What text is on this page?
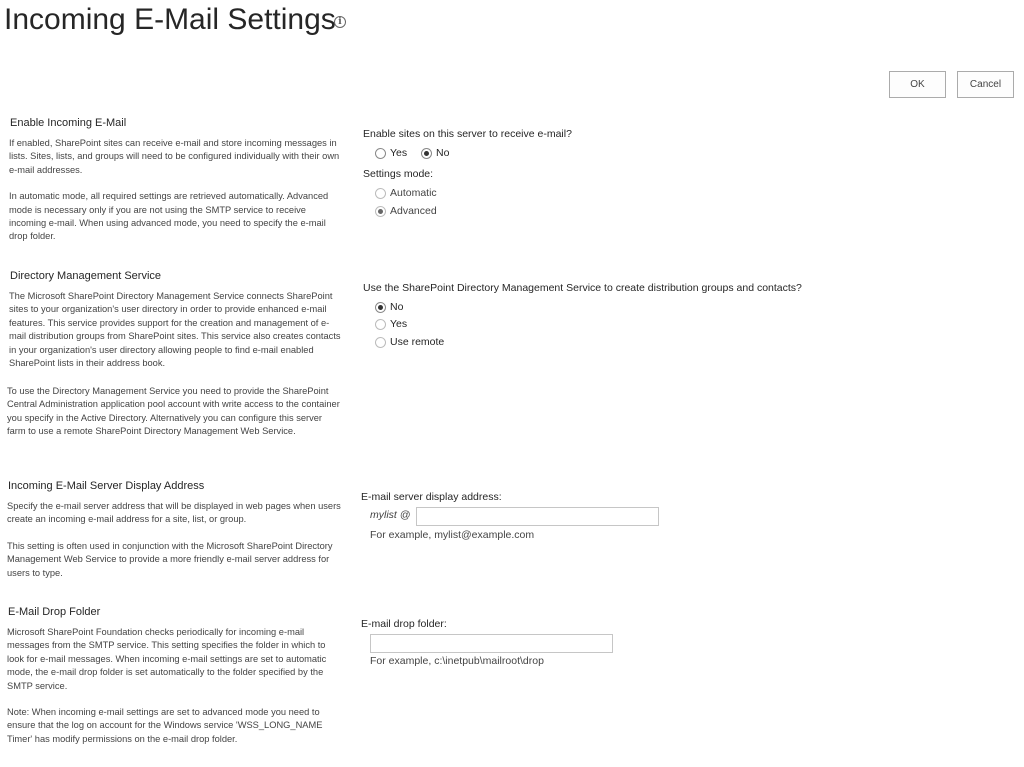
Incoming E-Mail Settings i
OK	Cancel
Enable Incoming E-Mail

If enabled, SharePoint sites can receive e-mail and store incoming messages in lists. Sites, lists, and groups will need to be configured individually with their own e-mail addresses.

In automatic mode, all required settings are retrieved automatically. Advanced mode is necessary only if you are not using the SMTP service to receive incoming e-mail. When using advanced mode, you need to specify the e-mail drop folder.

Enable sites on this server to receive e-mail?
Yes	No
Settings mode:
Automatic
Advanced
Directory Management Service

The Microsoft SharePoint Directory Management Service connects SharePoint sites to your organization's user directory in order to provide enhanced e-mail features. This service provides support for the creation and management of e-mail distribution groups from SharePoint sites. This service also creates contacts in your organization's user directory allowing people to find e-mail enabled SharePoint lists in their address book.

To use the Directory Management Service you need to provide the SharePoint Central Administration application pool account with write access to the container you specify in the Active Directory. Alternatively you can configure this server farm to use a remote SharePoint Directory Management Web Service.

Use the SharePoint Directory Management Service to create distribution groups and contacts?
No
Yes
Use remote
Incoming E-Mail Server Display Address

Specify the e-mail server address that will be displayed in web pages when users create an incoming e-mail address for a site, list, or group.

This setting is often used in conjunction with the Microsoft SharePoint Directory Management Web Service to provide a more friendly e-mail server address for users to type.

E-mail server display address:
mylist @
For example, mylist@example.com
E-Mail Drop Folder

Microsoft SharePoint Foundation checks periodically for incoming e-mail messages from the SMTP service. This setting specifies the folder in which to look for e-mail messages. When incoming e-mail settings are set to automatic mode, the e-mail drop folder is set automatically to the folder specified by the SMTP service.

Note: When incoming e-mail settings are set to advanced mode you need to ensure that the log on account for the Windows service 'WSS_LONG_NAME Timer' has modify permissions on the e-mail drop folder.

E-mail drop folder:
For example, c:\inetpub\mailroot\drop
